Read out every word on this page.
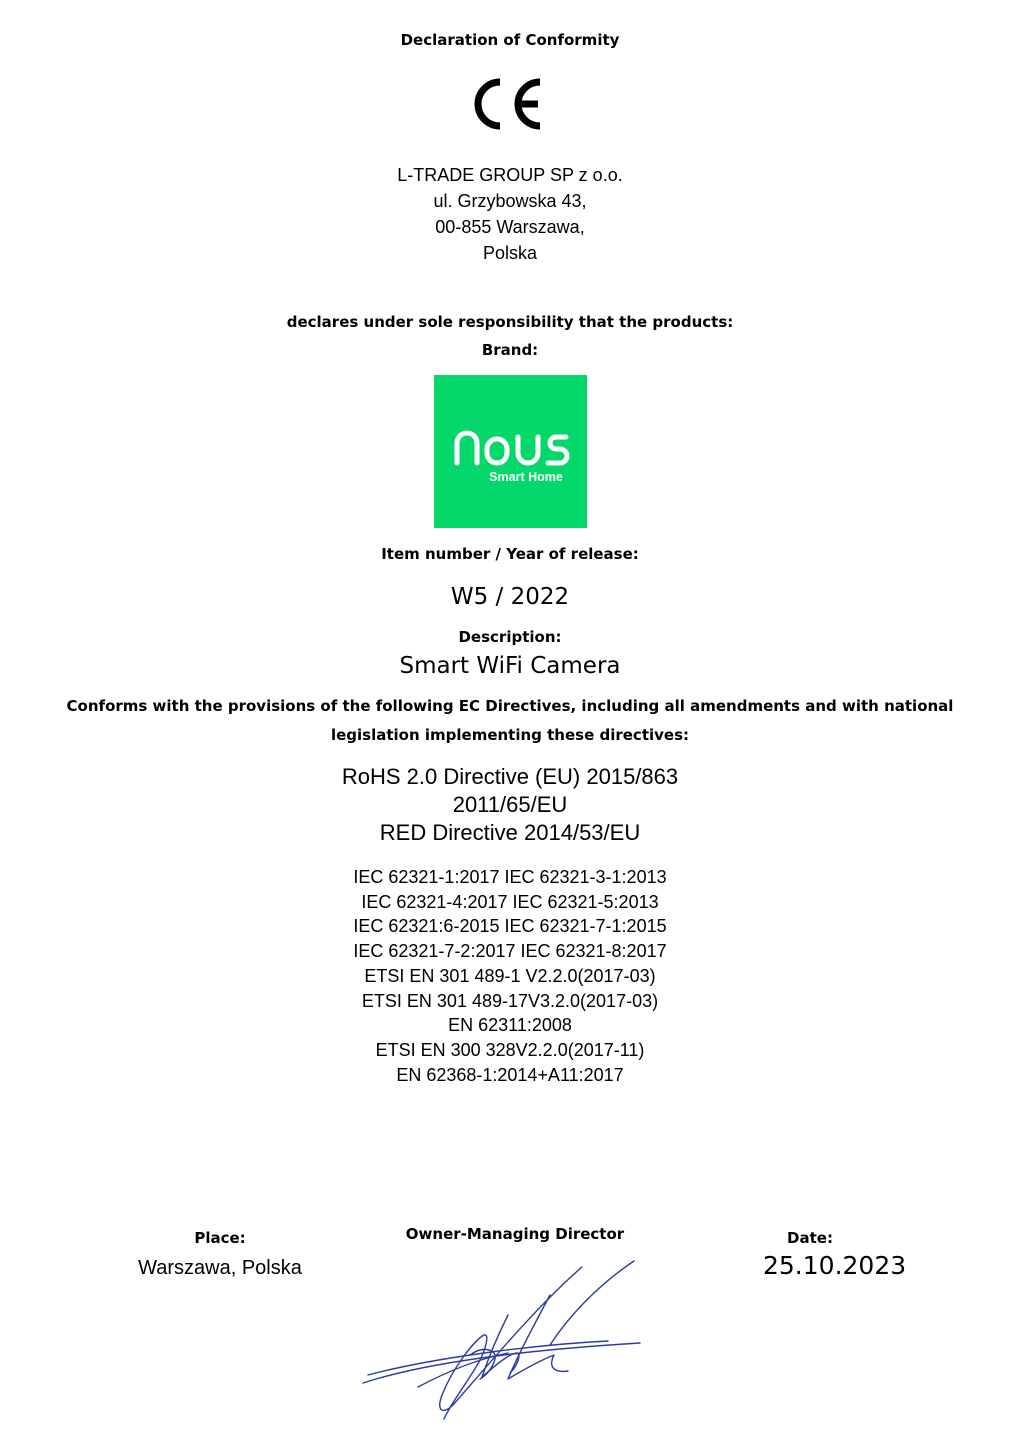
Declaration of Conformity
L-TRADE GROUP SP z o.o.
ul. Grzybowska 43,
00-855 Warszawa,
Polska
declares under sole responsibility that the products:
Brand:
Smart Home
Item number / Year of release:
W5 / 2022
Description:
Smart WiFi Camera
Conforms with the provisions of the following EC Directives, including all amendments and with national
legislation implementing these directives:
RoHS 2.0 Directive (EU) 2015/863
2011/65/EU
RED Directive 2014/53/EU
IEC 62321-1:2017 IEC 62321-3-1:2013
IEC 62321-4:2017 IEC 62321-5:2013
IEC 62321:6-2015 IEC 62321-7-1:2015
IEC 62321-7-2:2017 IEC 62321-8:2017
ETSI EN 301 489-1 V2.2.0(2017-03)
ETSI EN 301 489-17V3.2.0(2017-03)
EN 62311:2008
ETSI EN 300 328V2.2.0(2017-11)
EN 62368-1:2014+A11:2017
Place:
Warszawa, Polska
Owner-Managing Director	Date:
25.10.2023
